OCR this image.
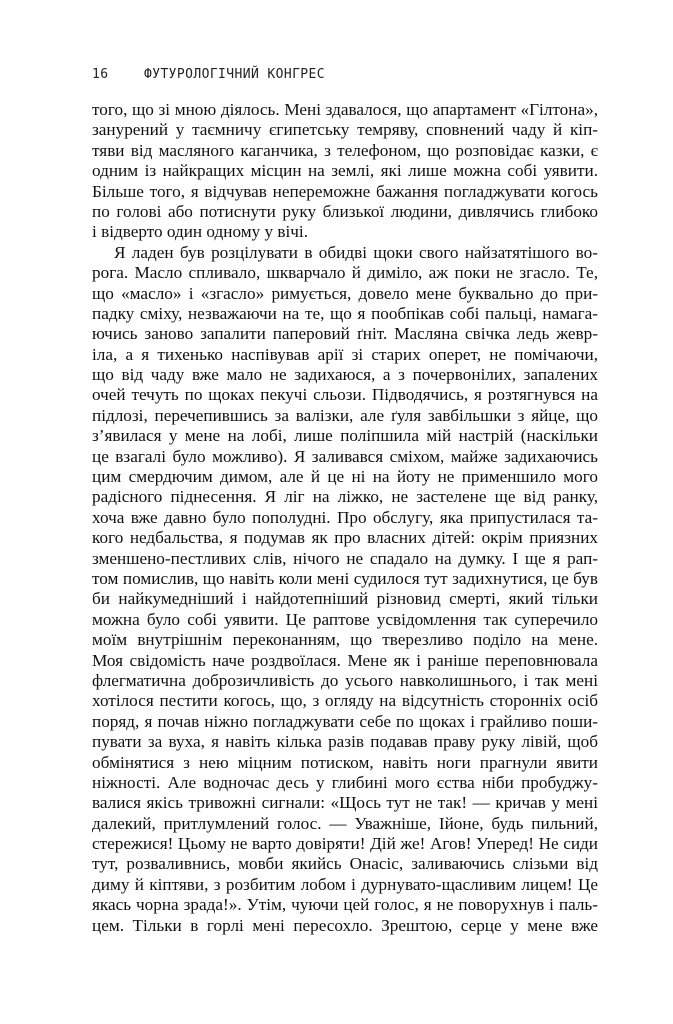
16	ФУТУРОЛОГІЧНИЙ КОНГРЕС
того, що зі мною діялось. Мені здавалося, що апартамент «Гілтона»,
занурений у таємничу єгипетську темряву, сповнений чаду й кіп-
тяви від масляного каганчика, з телефоном, що розповідає казки, є
одним із найкращих місцин на землі, які лише можна собі уявити.
Більше того, я відчував непереможне бажання погладжувати когось
по голові або потиснути руку близької людини, дивлячись глибоко
і відверто один одному у вічі.
Я ладен був розцілувати в обидві щоки свого найзатятішого во-
рога. Масло спливало, шкварчало й диміло, аж поки не згасло. Те,
що «масло» і «згасло» римується, довело мене буквально до при-
падку сміху, незважаючи на те, що я пообпікав собі пальці, намага-
ючись заново запалити паперовий ґніт. Масляна свічка ледь жевр-
іла, а я тихенько наспівував арії зі старих оперет, не помічаючи,
що від чаду вже мало не задихаюся, а з почервонілих, запалених
очей течуть по щоках пекучі сльози. Підводячись, я розтягнувся на
підлозі, перечепившись за валізки, але ґуля завбільшки з яйце, що
з’явилася у мене на лобі, лише поліпшила мій настрій (наскільки
це взагалі було можливо). Я заливався сміхом, майже задихаючись
цим смердючим димом, але й це ні на йоту не применшило мого
радісного піднесення. Я ліг на ліжко, не застелене ще від ранку,
хоча вже давно було пополудні. Про обслугу, яка припустилася та-
кого недбальства, я подумав як про власних дітей: окрім приязних
зменшено-пестливих слів, нічого не спадало на думку. І ще я рап-
том помислив, що навіть коли мені судилося тут задихнутися, це був
би найкумедніший і найдотепніший різновид смерті, який тільки
можна було собі уявити. Це раптове усвідомлення так суперечило
моїм внутрішнім переконанням, що тверезливо поділо на мене.
Моя свідомість наче роздвоїлася. Мене як і раніше переповнювала
флегматична доброзичливість до усього навколишнього, і так мені
хотілося пестити когось, що, з огляду на відсутність сторонніх осіб
поряд, я почав ніжно погладжувати себе по щоках і грайливо поши-
пувати за вуха, я навіть кілька разів подавав праву руку лівій, щоб
обмінятися з нею міцним потиском, навіть ноги прагнули явити
ніжності. Але водночас десь у глибині мого єства ніби пробуджу-
валися якісь тривожні сигнали: «Щось тут не так! — кричав у мені
далекий, притлумлений голос. — Уважніше, Ійоне, будь пильний,
стережися! Цьому не варто довіряти! Дій же! Агов! Уперед! Не сиди
тут, розваливнись, мовби якийсь Онасіс, заливаючись слізьми від
диму й кіптяви, з розбитим лобом і дурнувато-щасливим лицем! Це
якась чорна зрада!». Утім, чуючи цей голос, я не поворухнув і паль-
цем. Тільки в горлі мені пересохло. Зрештою, серце у мене вже
